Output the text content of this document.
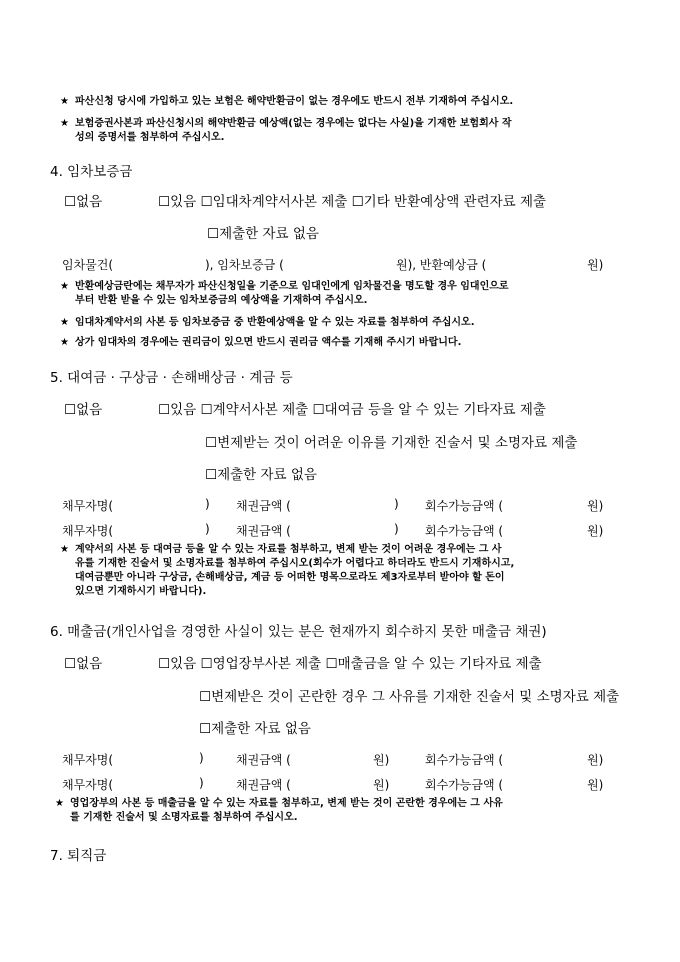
★ 파산신청 당시에 가입하고 있는 보험은 해약반환금이 없는 경우에도 반드시 전부 기재하여 주십시오.
★ 보험증권사본과 파산신청시의 해약반환금 예상액(없는 경우에는 없다는 사실)을 기재한 보험회사 작
성의 증명서를 첨부하여 주십시오.
4. 임차보증금
☐없음	☐있음 ☐임대차계약서사본 제출 ☐기타 반환예상액 관련자료 제출
☐제출한 자료 없음
임차물건(	), 임차보증금 (	원), 반환예상금 (	원)
★ 반환예상금란에는 채무자가 파산신청일을 기준으로 임대인에게 임차물건을 명도할 경우 임대인으로
부터 반환 받을 수 있는 임차보증금의 예상액을 기재하여 주십시오.
★ 임대차계약서의 사본 등 임차보증금 중 반환예상액을 알 수 있는 자료를 첨부하여 주십시오.
★ 상가 임대차의 경우에는 권리금이 있으면 반드시 권리금 액수를 기재해 주시기 바랍니다.
5. 대여금 · 구상금 · 손해배상금 · 계금 등
☐없음	☐있음 ☐계약서사본 제출 ☐대여금 등을 알 수 있는 기타자료 제출
☐변제받는 것이 어려운 이유를 기재한 진술서 및 소명자료 제출
☐제출한 자료 없음
채무자명(	) 채권금액 (	) 회수가능금액 (	원)
채무자명(	) 채권금액 (	) 회수가능금액 (	원)
★ 계약서의 사본 등 대여금 등을 알 수 있는 자료를 첨부하고, 변제 받는 것이 어려운 경우에는 그 사
유를 기재한 진술서 및 소명자료를 첨부하여 주십시오(회수가 어렵다고 하더라도 반드시 기재하시고,
대여금뿐만 아니라 구상금, 손해배상금, 계금 등 어떠한 명목으로라도 제3자로부터 받아야 할 돈이
있으면 기재하시기 바랍니다).
6. 매출금(개인사업을 경영한 사실이 있는 분은 현재까지 회수하지 못한 매출금 채권)
☐없음	☐있음 ☐영업장부사본 제출 ☐매출금을 알 수 있는 기타자료 제출
☐변제받은 것이 곤란한 경우 그 사유를 기재한 진술서 및 소명자료 제출
☐제출한 자료 없음
채무자명(	)	채권금액 (	원)	회수가능금액 (	원)
채무자명(	)	채권금액 (	원)	회수가능금액 (	원)
★ 영업장부의 사본 등 매출금을 알 수 있는 자료를 첨부하고, 변제 받는 것이 곤란한 경우에는 그 사유
를 기재한 진술서 및 소명자료를 첨부하여 주십시오.
7. 퇴직금
